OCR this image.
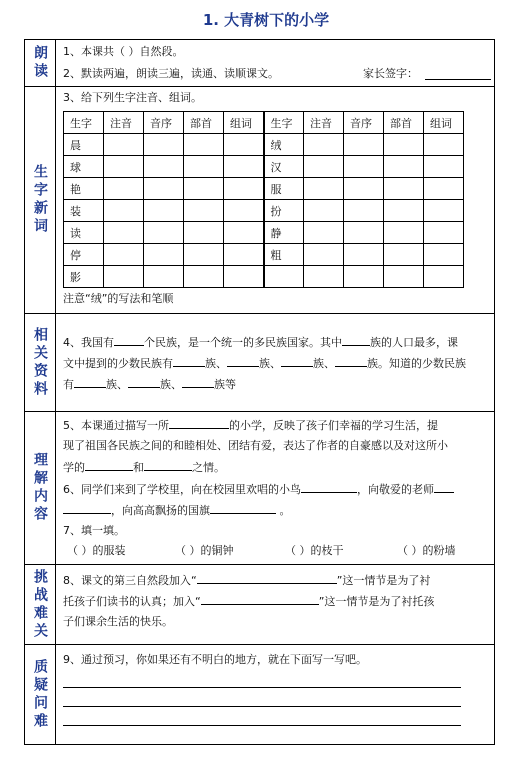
1. 大青树下的小学
朗读 1、本课共（ ）自然段。
2、默读两遍，朗读三遍，读通、读顺课文。	家长签字：
生字新词
3、给下列生字注音、组词。
生字	注音	音序	部首	组词	生字	注音	音序	部首	组词
晨					绒				
球					汉				
艳					服				
装					扮				
读					静				
停					粗				
影									
注意“绒”的写法和笔顺
相关资料 4、我国有	个民族，是一个统一的多民族国家。其中	族的人口最多，课
文中提到的少数民族有	族、	族、	族、	族。知道的少数民族
有	族、	族、	族等
理解内容
5、本课通过描写一所	的小学，反映了孩子们幸福的学习生活，提
现了祖国各民族之间的和睦相处、团结有爱，表达了作者的自豪感以及对这所小
学的	和	之情。
6、同学们来到了学校里，向在校园里欢唱的小鸟	，向敬爱的老师
，向高高飘扬的国旗	。
7、填一填。
（ ）的服装	（ ）的铜钟	（ ）的枝干	（ ）的粉墙
挑战难关 8、课文的第三自然段加入“	”这一情节是为了衬
托孩子们读书的认真；加入“	”这一情节是为了衬托孩
子们课余生活的快乐。
质疑问难 9、通过预习，你如果还有不明白的地方，就在下面写一写吧。
